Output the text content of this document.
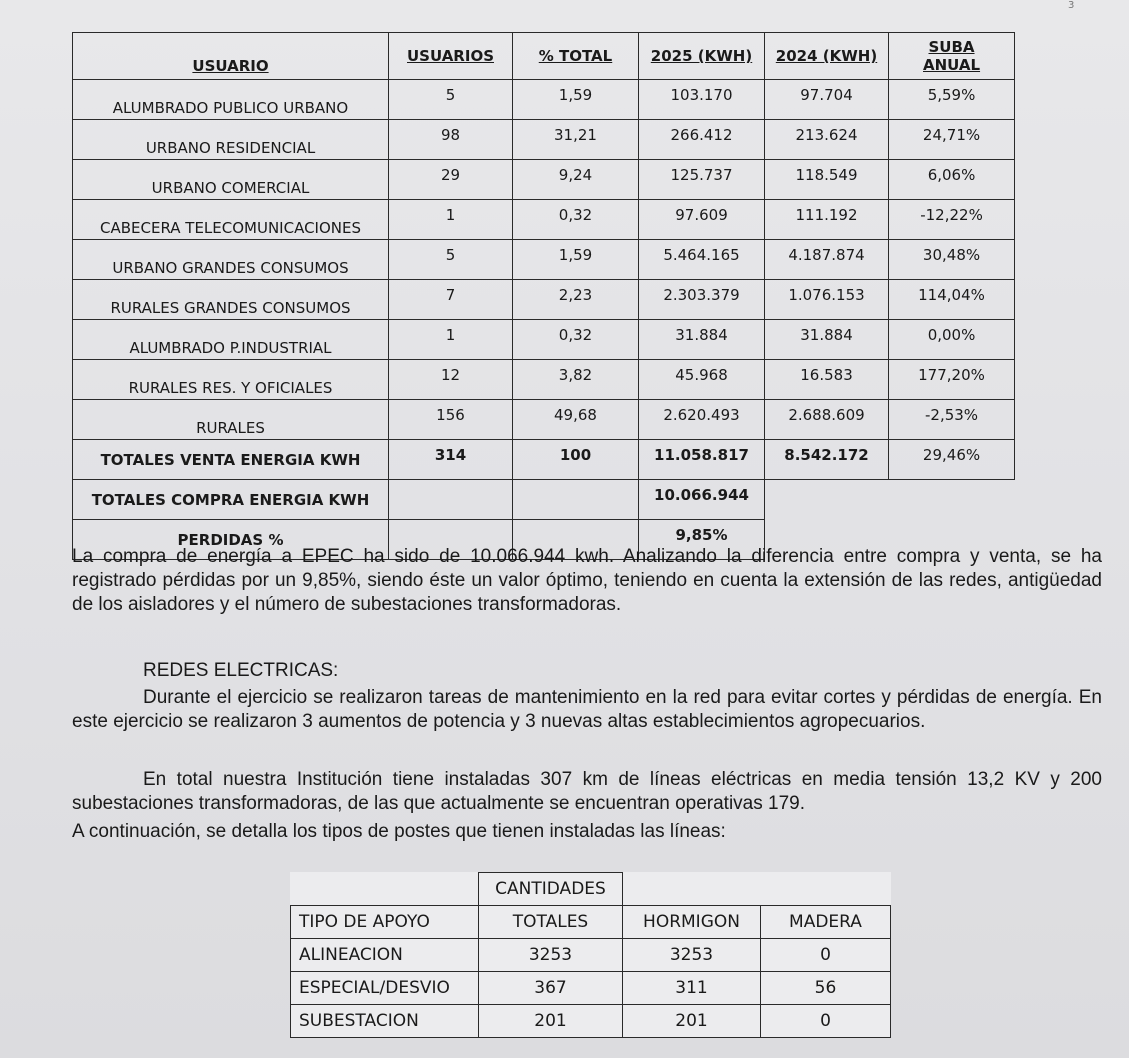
3
USUARIO	USUARIOS	% TOTAL	2025 (KWH)	2024 (KWH)	SUBA ANUAL
ALUMBRADO PUBLICO URBANO	5	1,59	103.170	97.704	5,59%
URBANO RESIDENCIAL	98	31,21	266.412	213.624	24,71%
URBANO COMERCIAL	29	9,24	125.737	118.549	6,06%
CABECERA TELECOMUNICACIONES	1	0,32	97.609	111.192	-12,22%
URBANO GRANDES CONSUMOS	5	1,59	5.464.165	4.187.874	30,48%
RURALES GRANDES CONSUMOS	7	2,23	2.303.379	1.076.153	114,04%
ALUMBRADO P.INDUSTRIAL	1	0,32	31.884	31.884	0,00%
RURALES RES. Y OFICIALES	12	3,82	45.968	16.583	177,20%
RURALES	156	49,68	2.620.493	2.688.609	-2,53%
TOTALES VENTA ENERGIA KWH	314	100	11.058.817	8.542.172	29,46%
TOTALES COMPRA ENERGIA KWH			10.066.944		
PERDIDAS %			9,85%		

La compra de energía a EPEC ha sido de 10.066.944 kwh. Analizando la diferencia entre compra y venta, se ha registrado pérdidas por un 9,85%, siendo éste un valor óptimo, teniendo en cuenta la extensión de las redes, antigüedad de los aisladores y el número de subestaciones transformadoras.

REDES ELECTRICAS:

Durante el ejercicio se realizaron tareas de mantenimiento en la red para evitar cortes y pérdidas de energía. En este ejercicio se realizaron 3 aumentos de potencia y 3 nuevas altas establecimientos agropecuarios.

En total nuestra Institución tiene instaladas 307 km de líneas eléctricas en media tensión 13,2 KV y 200 subestaciones transformadoras, de las que actualmente se encuentran operativas 179.

A continuación, se detalla los tipos de postes que tienen instaladas las líneas:

	CANTIDADES		
TIPO DE APOYO	TOTALES	HORMIGON	MADERA
ALINEACION	3253	3253	0
ESPECIAL/DESVIO	367	311	56
SUBESTACION	201	201	0
